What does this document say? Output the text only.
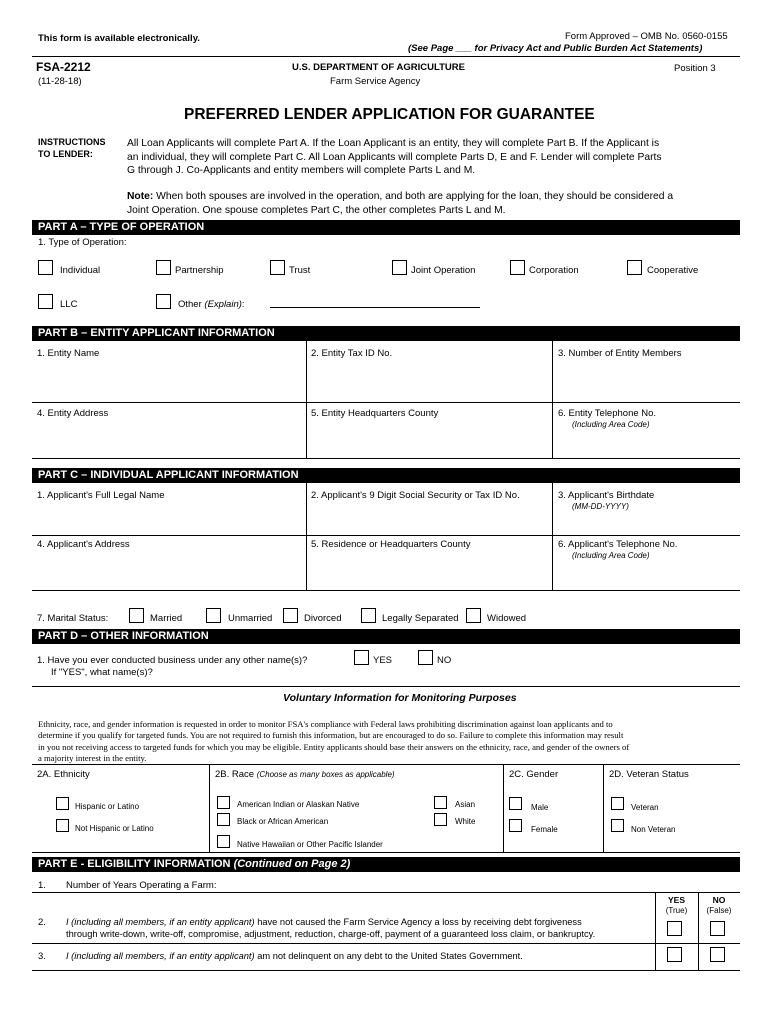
This form is available electronically.	Form Approved – OMB No. 0560-0155
(See Page ___ for Privacy Act and Public Burden Act Statements)
FSA-2212
(11-28-18)
U.S. DEPARTMENT OF AGRICULTURE
Farm Service Agency
Position 3
PREFERRED LENDER APPLICATION FOR GUARANTEE
INSTRUCTIONS
TO LENDER:
All Loan Applicants will complete Part A. If the Loan Applicant is an entity, they will complete Part B. If the Applicant is
an individual, they will complete Part C. All Loan Applicants will complete Parts D, E and F. Lender will complete Parts
G through J. Co-Applicants and entity members will complete Parts L and M.
Note: When both spouses are involved in the operation, and both are applying for the loan, they should be considered a
Joint Operation. One spouse completes Part C, the other completes Parts L and M.
PART A – TYPE OF OPERATION
1. Type of Operation:
Individual	Partnership	Trust	Joint Operation	Corporation	Cooperative
LLC	Other (Explain):
PART B – ENTITY APPLICANT INFORMATION
1. Entity Name	2. Entity Tax ID No.	3. Number of Entity Members
4. Entity Address	5. Entity Headquarters County	6. Entity Telephone No.
(Including Area Code)
PART C – INDIVIDUAL APPLICANT INFORMATION
1. Applicant's Full Legal Name	2. Applicant's 9 Digit Social Security or Tax ID No.	3. Applicant's Birthdate
(MM-DD-YYYY)
4. Applicant's Address	5. Residence or Headquarters County	6. Applicant's Telephone No.
(Including Area Code)
7. Marital Status:	Married	Unmarried	Divorced	Legally Separated	Widowed
PART D – OTHER INFORMATION
1. Have you ever conducted business under any other name(s)?	YES	NO
If "YES", what name(s)?
Voluntary Information for Monitoring Purposes
Ethnicity, race, and gender information is requested in order to monitor FSA's compliance with Federal laws prohibiting discrimination against loan applicants and to
determine if you qualify for targeted funds. You are not required to furnish this information, but are encouraged to do so. Failure to complete this information may result
in you not receiving access to targeted funds for which you may be eligible. Entity applicants should base their answers on the ethnicity, race, and gender of the owners of
a majority interest in the entity.
2A. Ethnicity	2B. Race (Choose as many boxes as applicable)	2C. Gender	2D. Veteran Status
Hispanic or Latino
Not Hispanic or Latino
American Indian or Alaskan Native	Asian
Black or African American	White
Native Hawaiian or Other Pacific Islander
Male
Female
Veteran
Non Veteran
PART E - ELIGIBILITY INFORMATION (Continued on Page 2)
1. Number of Years Operating a Farm:
YES
(True)
NO
(False)
2. I (including all members, if an entity applicant) have not caused the Farm Service Agency a loss by receiving debt forgiveness
through write-down, write-off, compromise, adjustment, reduction, charge-off, payment of a guaranteed loss claim, or bankruptcy.
3. I (including all members, if an entity applicant) am not delinquent on any debt to the United States Government.
